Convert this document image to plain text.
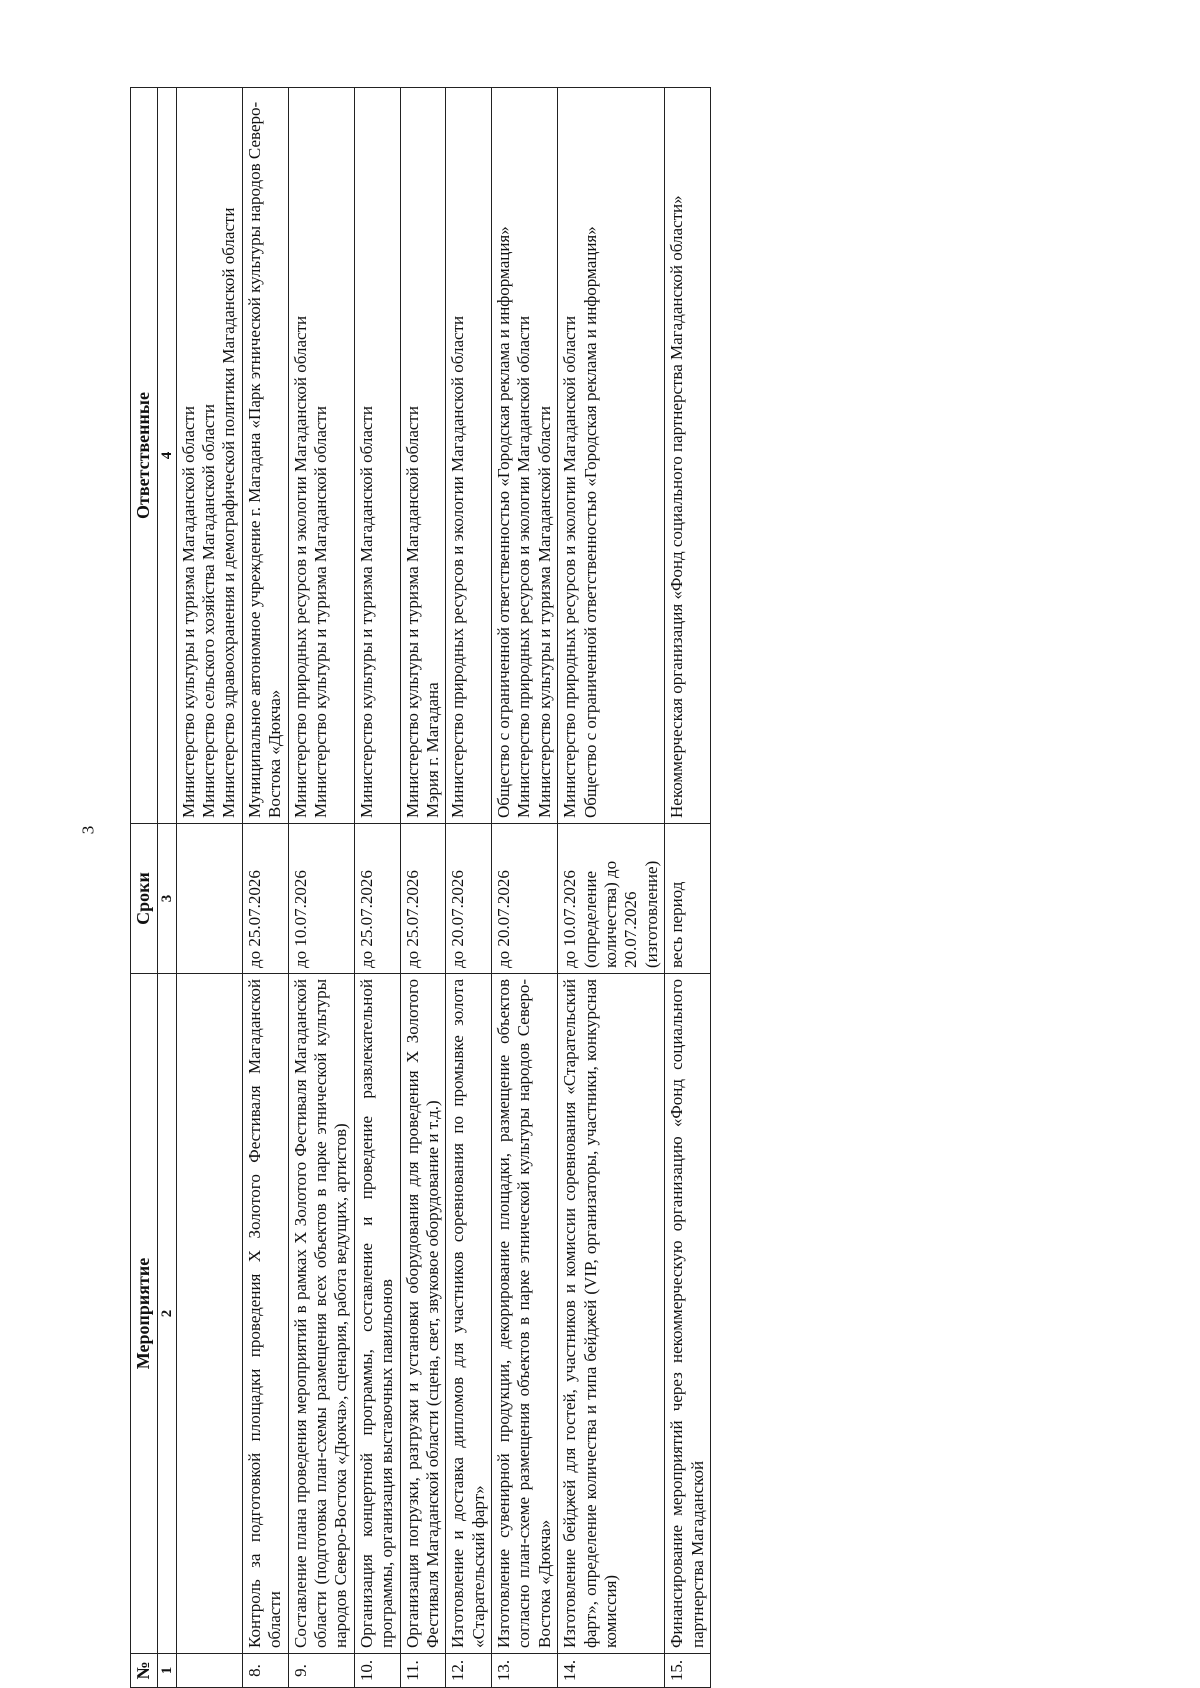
3
№	Мероприятие	Сроки	Ответственные
1	2	3	4

			Министерство культуры и туризма Магаданской области Министерство сельского хозяйства Магаданской области Министерство здравоохранения и демографической политики Магаданской области

8.	Контроль за подготовкой площадки проведения X Золотого Фестиваля Магаданской области	до 25.07.2026	Муниципальное автономное учреждение г. Магадана «Парк этнической культуры народов Северо-Востока «Дюкча»

9.	Составление плана проведения мероприятий в рамках X Золотого Фестиваля Магаданской области (подготовка план-схемы размещения всех объектов в парке этнической культуры народов Северо-Востока «Дюкча», сценария, работа ведущих, артистов)	до 10.07.2026	Министерство природных ресурсов и экологии Магаданской области Министерство культуры и туризма Магаданской области

10.	Организация концертной программы, составление и проведение развлекательной программы, организация выставочных павильонов	до 25.07.2026	Министерство культуры и туризма Магаданской области

11.	Организация погрузки, разгрузки и установки оборудования для проведения X Золотого Фестиваля Магаданской области (сцена, свет, звуковое оборудование и т.д.)	до 25.07.2026	Министерство культуры и туризма Магаданской области Мэрия г. Магадана

12.	Изготовление и доставка дипломов для участников соревнования по промывке золота «Старательский фарт»	до 20.07.2026	Министерство природных ресурсов и экологии Магаданской области

13.	Изготовление сувенирной продукции, декорирование площадки, размещение объектов согласно план-схеме размещения объектов в парке этнической культуры народов Северо-Востока «Дюкча»	до 20.07.2026	Общество с ограниченной ответственностью «Городская реклама и информация» Министерство природных ресурсов и экологии Магаданской области Министерство культуры и туризма Магаданской области

14.	Изготовление бейджей для гостей, участников и комиссии соревнования «Старательский фарт», определение количества и типа бейджей (VIP, организаторы, участники, конкурсная комиссия)	до 10.07.2026 (определение количества) до 20.07.2026 (изготовление)	Министерство природных ресурсов и экологии Магаданской области Общество с ограниченной ответственностью «Городская реклама и информация»

15.	Финансирование мероприятий через некоммерческую организацию «Фонд социального партнерства Магаданской	весь период	Некоммерческая организация «Фонд социального партнерства Магаданской области»
